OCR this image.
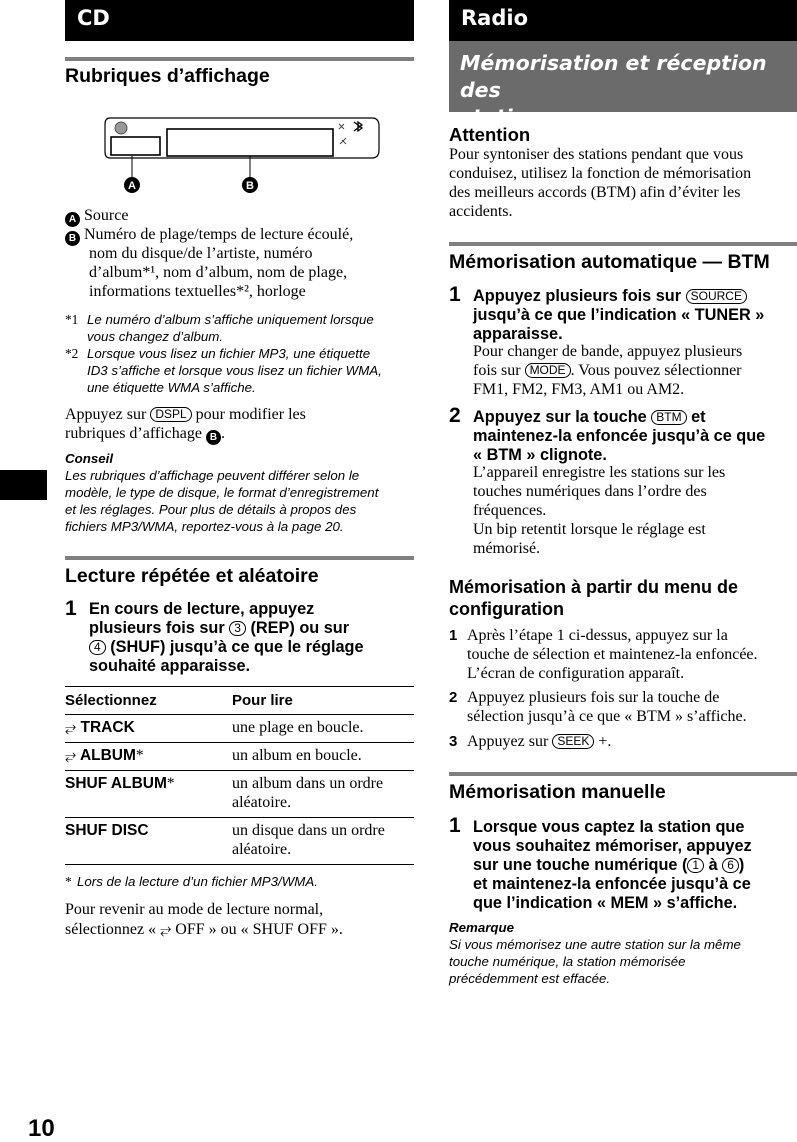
CD
Rubriques d’affichage
A	B
A Source
B Numéro de plage/temps de lecture écoulé,
nom du disque/de l’artiste, numéro
d’album*¹, nom d’album, nom de plage,
informations textuelles*², horloge
*1 Le numéro d’album s’affiche uniquement lorsque
vous changez d’album.
*2 Lorsque vous lisez un fichier MP3, une étiquette
ID3 s’affiche et lorsque vous lisez un fichier WMA,
une étiquette WMA s’affiche.
Appuyez sur DSPL pour modifier les
rubriques d’affichage B .
Conseil
Les rubriques d’affichage peuvent différer selon le
modèle, le type de disque, le format d’enregistrement
et les réglages. Pour plus de détails à propos des
fichiers MP3/WMA, reportez-vous à la page 20.
Lecture répétée et aléatoire
1 En cours de lecture, appuyez
plusieurs fois sur 3 (REP) ou sur
4 (SHUF) jusqu’à ce que le réglage
souhaité apparaisse.
Sélectionnez	Pour lire
⥂ TRACK	une plage en boucle.
⥂ ALBUM*	un album en boucle.
SHUF ALBUM*	un album dans un ordre aléatoire.
SHUF DISC	un disque dans un ordre aléatoire.
* Lors de la lecture d’un fichier MP3/WMA.
Pour revenir au mode de lecture normal,
sélectionnez « ⥂ OFF » ou « SHUF OFF ».
Radio
Mémorisation et réception des
stations
Attention
Pour syntoniser des stations pendant que vous
conduisez, utilisez la fonction de mémorisation
des meilleurs accords (BTM) afin d’éviter les
accidents.
Mémorisation automatique — BTM
1 Appuyez plusieurs fois sur SOURCE
jusqu’à ce que l’indication « TUNER »
apparaisse.
Pour changer de bande, appuyez plusieurs
fois sur MODE . Vous pouvez sélectionner
FM1, FM2, FM3, AM1 ou AM2.
2 Appuyez sur la touche BTM et
maintenez-la enfoncée jusqu’à ce que
« BTM » clignote.
L’appareil enregistre les stations sur les
touches numériques dans l’ordre des
fréquences.
Un bip retentit lorsque le réglage est
mémorisé.
Mémorisation à partir du menu de
configuration
1 Après l’étape 1 ci-dessus, appuyez sur la
touche de sélection et maintenez-la enfoncée.
L’écran de configuration apparaît.
2 Appuyez plusieurs fois sur la touche de
sélection jusqu’à ce que « BTM » s’affiche.
3 Appuyez sur SEEK +.
Mémorisation manuelle
1 Lorsque vous captez la station que
vous souhaitez mémoriser, appuyez
sur une touche numérique ( 1 à 6 )
et maintenez-la enfoncée jusqu’à ce
que l’indication « MEM » s’affiche.
Remarque
Si vous mémorisez une autre station sur la même
touche numérique, la station mémorisée
précédemment est effacée.
10
